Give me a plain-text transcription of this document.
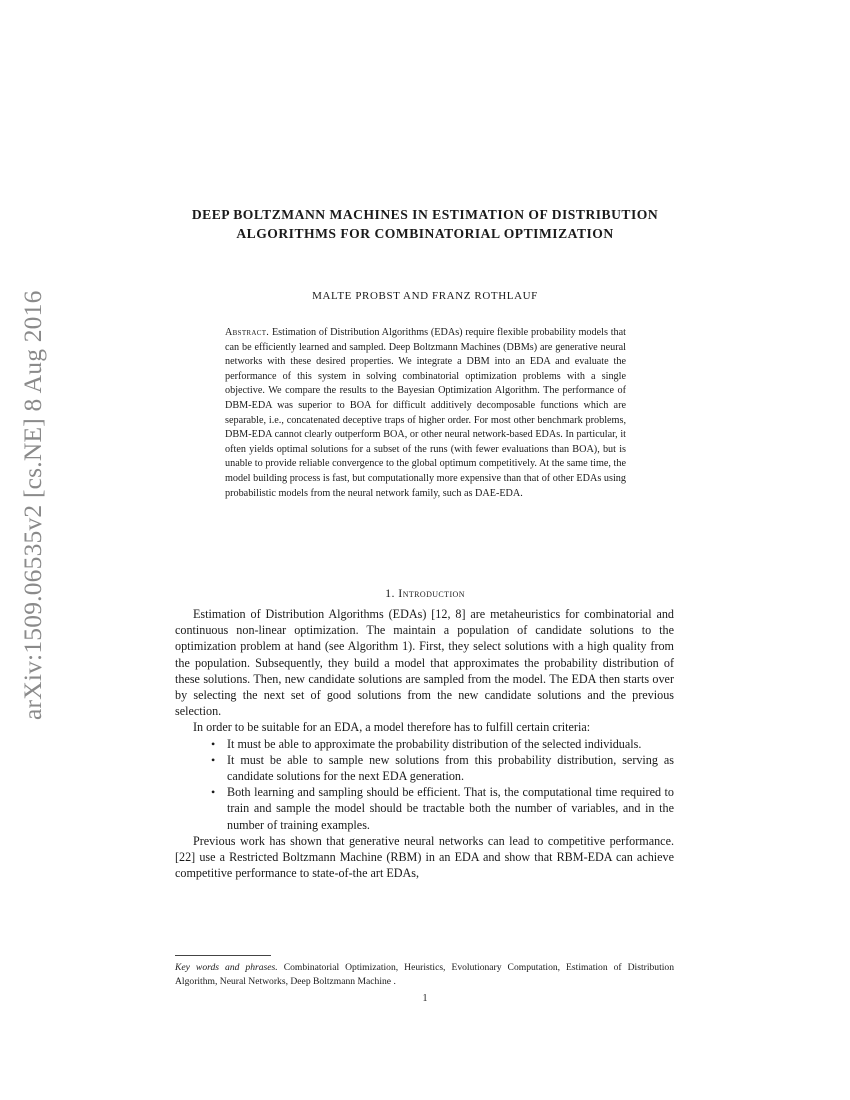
arXiv:1509.06535v2 [cs.NE] 8 Aug 2016
DEEP BOLTZMANN MACHINES IN ESTIMATION OF DISTRIBUTION ALGORITHMS FOR COMBINATORIAL OPTIMIZATION
MALTE PROBST AND FRANZ ROTHLAUF
Abstract. Estimation of Distribution Algorithms (EDAs) require flexible probability models that can be efficiently learned and sampled. Deep Boltzmann Machines (DBMs) are generative neural networks with these desired properties. We integrate a DBM into an EDA and evaluate the performance of this system in solving combinatorial optimization problems with a single objective. We compare the results to the Bayesian Optimization Algorithm. The performance of DBM-EDA was superior to BOA for difficult additively decomposable functions which are separable, i.e., concatenated deceptive traps of higher order. For most other benchmark problems, DBM-EDA cannot clearly outperform BOA, or other neural network-based EDAs. In particular, it often yields optimal solutions for a subset of the runs (with fewer evaluations than BOA), but is unable to provide reliable convergence to the global optimum competitively. At the same time, the model building process is fast, but computationally more expensive than that of other EDAs using probabilistic models from the neural network family, such as DAE-EDA.
1. Introduction

Estimation of Distribution Algorithms (EDAs) [12, 8] are metaheuristics for combinatorial and continuous non-linear optimization. The maintain a population of candidate solutions to the optimization problem at hand (see Algorithm 1). First, they select solutions with a high quality from the population. Subsequently, they build a model that approximates the probability distribution of these solutions. Then, new candidate solutions are sampled from the model. The EDA then starts over by selecting the next set of good solutions from the new candidate solutions and the previous selection.

In order to be suitable for an EDA, a model therefore has to fulfill certain criteria:

• It must be able to approximate the probability distribution of the selected individuals.
• It must be able to sample new solutions from this probability distribution, serving as candidate solutions for the next EDA generation.
• Both learning and sampling should be efficient. That is, the computational time required to train and sample the model should be tractable both the number of variables, and in the number of training examples.

Previous work has shown that generative neural networks can lead to competitive performance. [22] use a Restricted Boltzmann Machine (RBM) in an EDA and show that RBM-EDA can achieve competitive performance to state-of-the art EDAs,

Key words and phrases. Combinatorial Optimization, Heuristics, Evolutionary Computation, Estimation of Distribution Algorithm, Neural Networks, Deep Boltzmann Machine .
1
